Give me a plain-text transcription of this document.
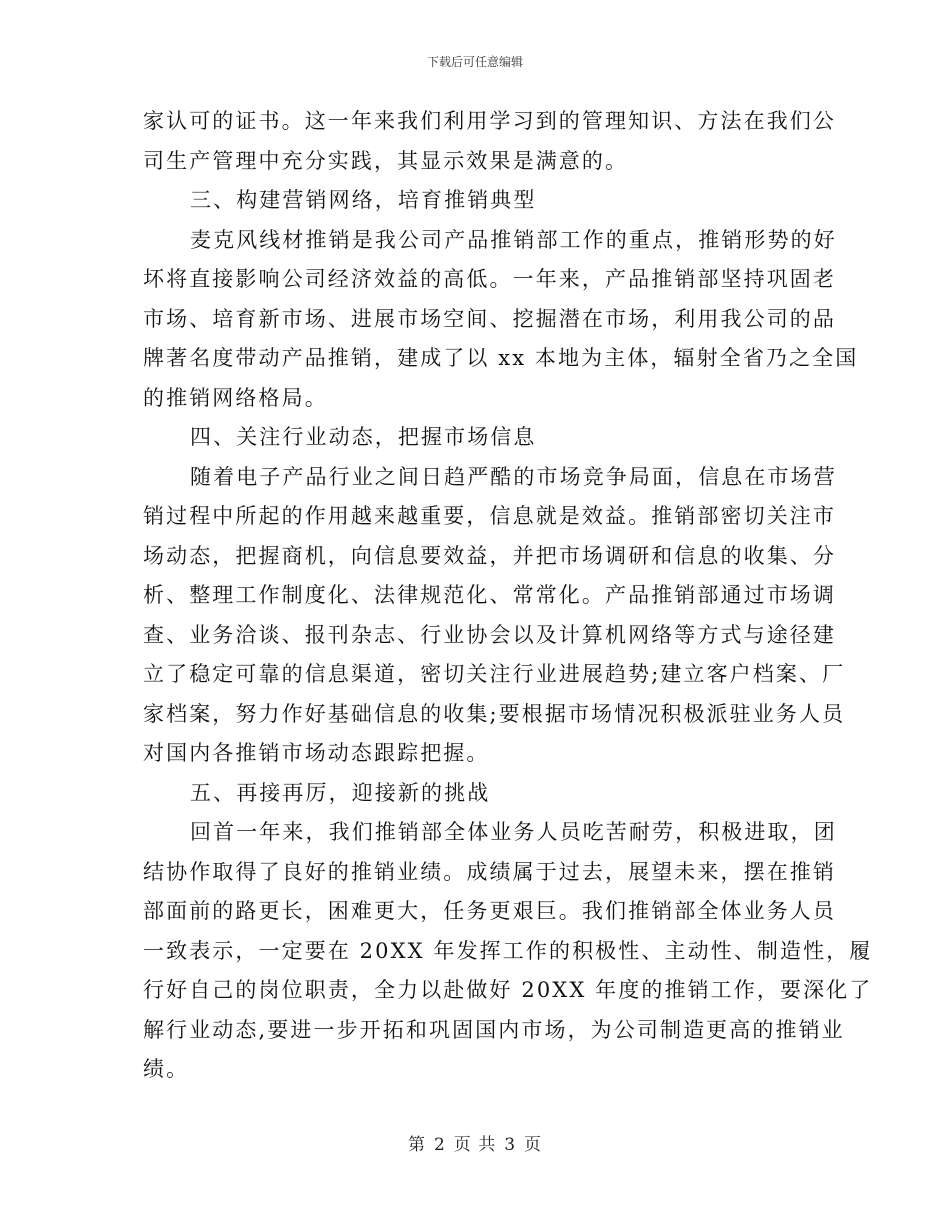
下载后可任意编辑
家认可的证书。这一年来我们利用学习到的管理知识、方法在我们公
司生产管理中充分实践，其显示效果是满意的。
三、构建营销网络，培育推销典型
麦克风线材推销是我公司产品推销部工作的重点，推销形势的好
坏将直接影响公司经济效益的高低。一年来，产品推销部坚持巩固老
市场、培育新市场、进展市场空间、挖掘潜在市场，利用我公司的品
牌著名度带动产品推销，建成了以 xx 本地为主体，辐射全省乃之全国
的推销网络格局。
四、关注行业动态，把握市场信息
随着电子产品行业之间日趋严酷的市场竞争局面，信息在市场营
销过程中所起的作用越来越重要，信息就是效益。推销部密切关注市
场动态，把握商机，向信息要效益，并把市场调研和信息的收集、分
析、整理工作制度化、法律规范化、常常化。产品推销部通过市场调
查、业务洽谈、报刊杂志、行业协会以及计算机网络等方式与途径建
立了稳定可靠的信息渠道，密切关注行业进展趋势;建立客户档案、厂
家档案，努力作好基础信息的收集;要根据市场情况积极派驻业务人员
对国内各推销市场动态跟踪把握。
五、再接再厉，迎接新的挑战
回首一年来，我们推销部全体业务人员吃苦耐劳，积极进取，团
结协作取得了良好的推销业绩。成绩属于过去，展望未来，摆在推销
部面前的路更长，困难更大，任务更艰巨。我们推销部全体业务人员
一致表示，一定要在 20XX 年发挥工作的积极性、主动性、制造性，履
行好自己的岗位职责，全力以赴做好 20XX 年度的推销工作，要深化了
解行业动态,要进一步开拓和巩固国内市场，为公司制造更高的推销业
绩。
第 2 页 共 3 页
